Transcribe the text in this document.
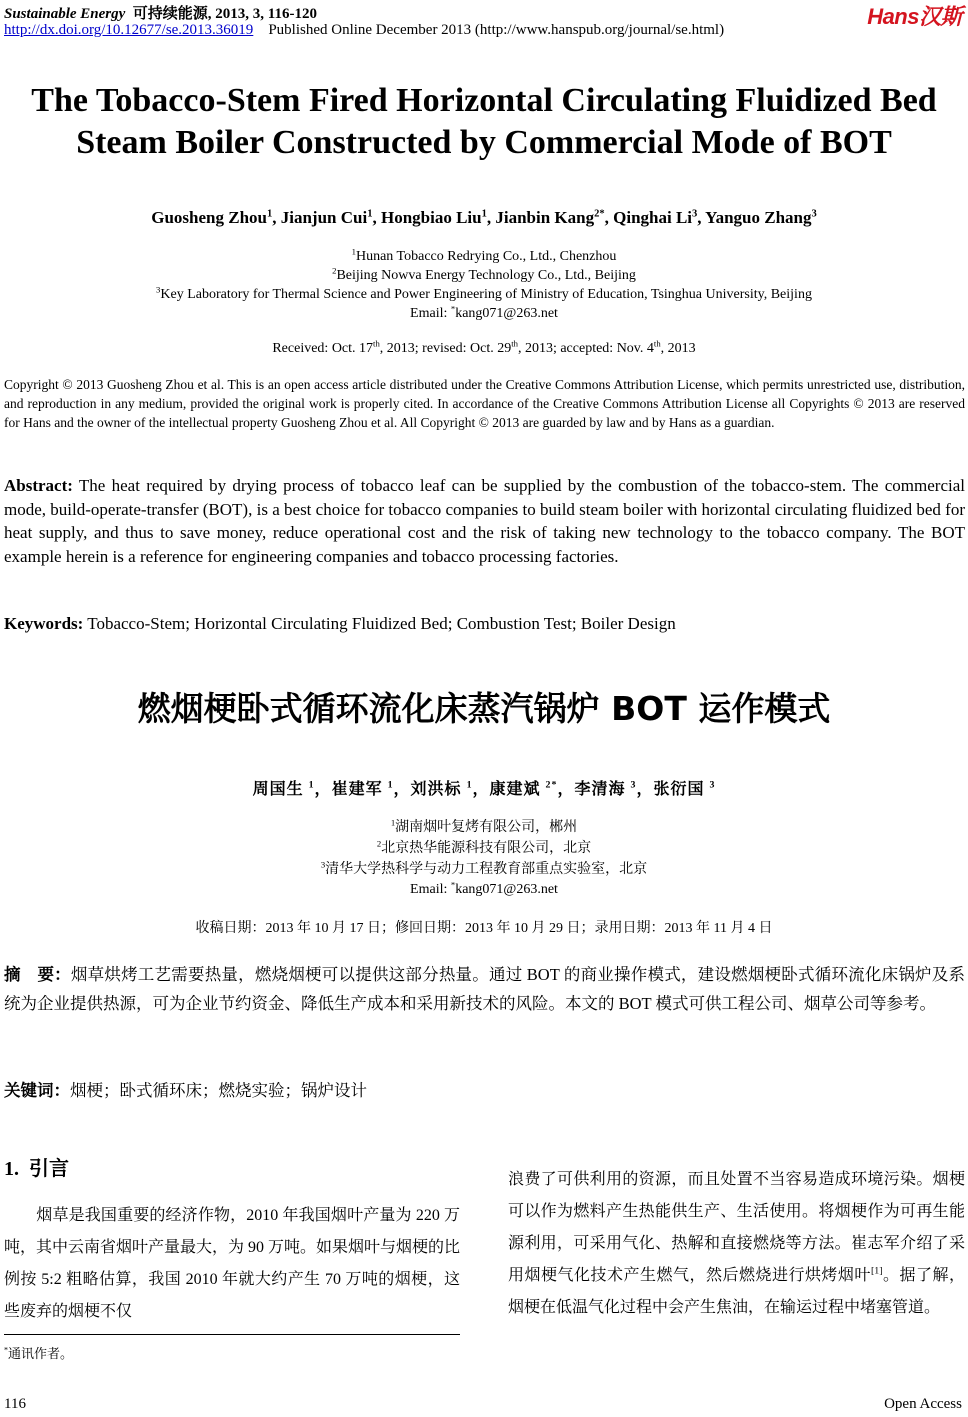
Sustainable Energy 可持续能源, 2013, 3, 116-120
http://dx.doi.org/10.12677/se.2013.36019 Published Online December 2013 (http://www.hanspub.org/journal/se.html)
Hans汉斯
The Tobacco-Stem Fired Horizontal Circulating Fluidized Bed
Steam Boiler Constructed by Commercial Mode of BOT
Guosheng Zhou$^1$, Jianjun Cui$^1$, Hongbiao Liu$^1$, Jianbin Kang$^{2*}$, Qinghai Li$^3$, Yanguo Zhang$^3$
$^1$Hunan Tobacco Redrying Co., Ltd., Chenzhou
$^2$Beijing Nowva Energy Technology Co., Ltd., Beijing
$^3$Key Laboratory for Thermal Science and Power Engineering of Ministry of Education, Tsinghua University, Beijing
Email: *kang071@263.net
Received: Oct. 17th, 2013; revised: Oct. 29th, 2013; accepted: Nov. 4th, 2013
Copyright © 2013 Guosheng Zhou et al. This is an open access article distributed under the Creative Commons Attribution License, which permits unrestricted use, distribution, and reproduction in any medium, provided the original work is properly cited. In accordance of the Creative Commons Attribution License all Copyrights © 2013 are reserved for Hans and the owner of the intellectual property Guosheng Zhou et al. All Copyright © 2013 are guarded by law and by Hans as a guardian.
Abstract: The heat required by drying process of tobacco leaf can be supplied by the combustion of the tobacco-stem. The commercial mode, build-operate-transfer (BOT), is a best choice for tobacco companies to build steam boiler with horizontal circulating fluidized bed for heat supply, and thus to save money, reduce operational cost and the risk of taking new technology to the tobacco company. The BOT example herein is a reference for engineering companies and tobacco processing factories.
Keywords: Tobacco-Stem; Horizontal Circulating Fluidized Bed; Combustion Test; Boiler Design
燃烟梗卧式循环流化床蒸汽锅炉 BOT 运作模式
周国生 $^1$，崔建军 $^1$，刘洪标 $^1$，康建斌 $^{2*}$，李清海 $^3$，张衍国 $^3$
$^1$湖南烟叶复烤有限公司，郴州
$^2$北京热华能源科技有限公司，北京
$^3$清华大学热科学与动力工程教育部重点实验室，北京
Email: *kang071@263.net
收稿日期：2013 年 10 月 17 日；修回日期：2013 年 10 月 29 日；录用日期：2013 年 11 月 4 日
摘　要：烟草烘烤工艺需要热量，燃烧烟梗可以提供这部分热量。通过 BOT 的商业操作模式，建设燃烟梗卧式循环流化床锅炉及系统为企业提供热源，可为企业节约资金、降低生产成本和采用新技术的风险。本文的 BOT 模式可供工程公司、烟草公司等参考。
关键词：烟梗；卧式循环床；燃烧实验；锅炉设计
1. 引言
　　烟草是我国重要的经济作物，2010 年我国烟叶产量为 220 万吨，其中云南省烟叶产量最大，为 90 万吨。如果烟叶与烟梗的比例按 5:2 粗略估算，我国 2010 年就大约产生 70 万吨的烟梗，这些废弃的烟梗不仅
浪费了可供利用的资源，而且处置不当容易造成环境污染。烟梗可以作为燃料产生热能供生产、生活使用。将烟梗作为可再生能源利用，可采用气化、热解和直接燃烧等方法。崔志军介绍了采用烟梗气化技术产生燃气，然后燃烧进行烘烤烟叶[1]。据了解，烟梗在低温气化过程中会产生焦油，在输运过程中堵塞管道。
*通讯作者。
116	Open Access
